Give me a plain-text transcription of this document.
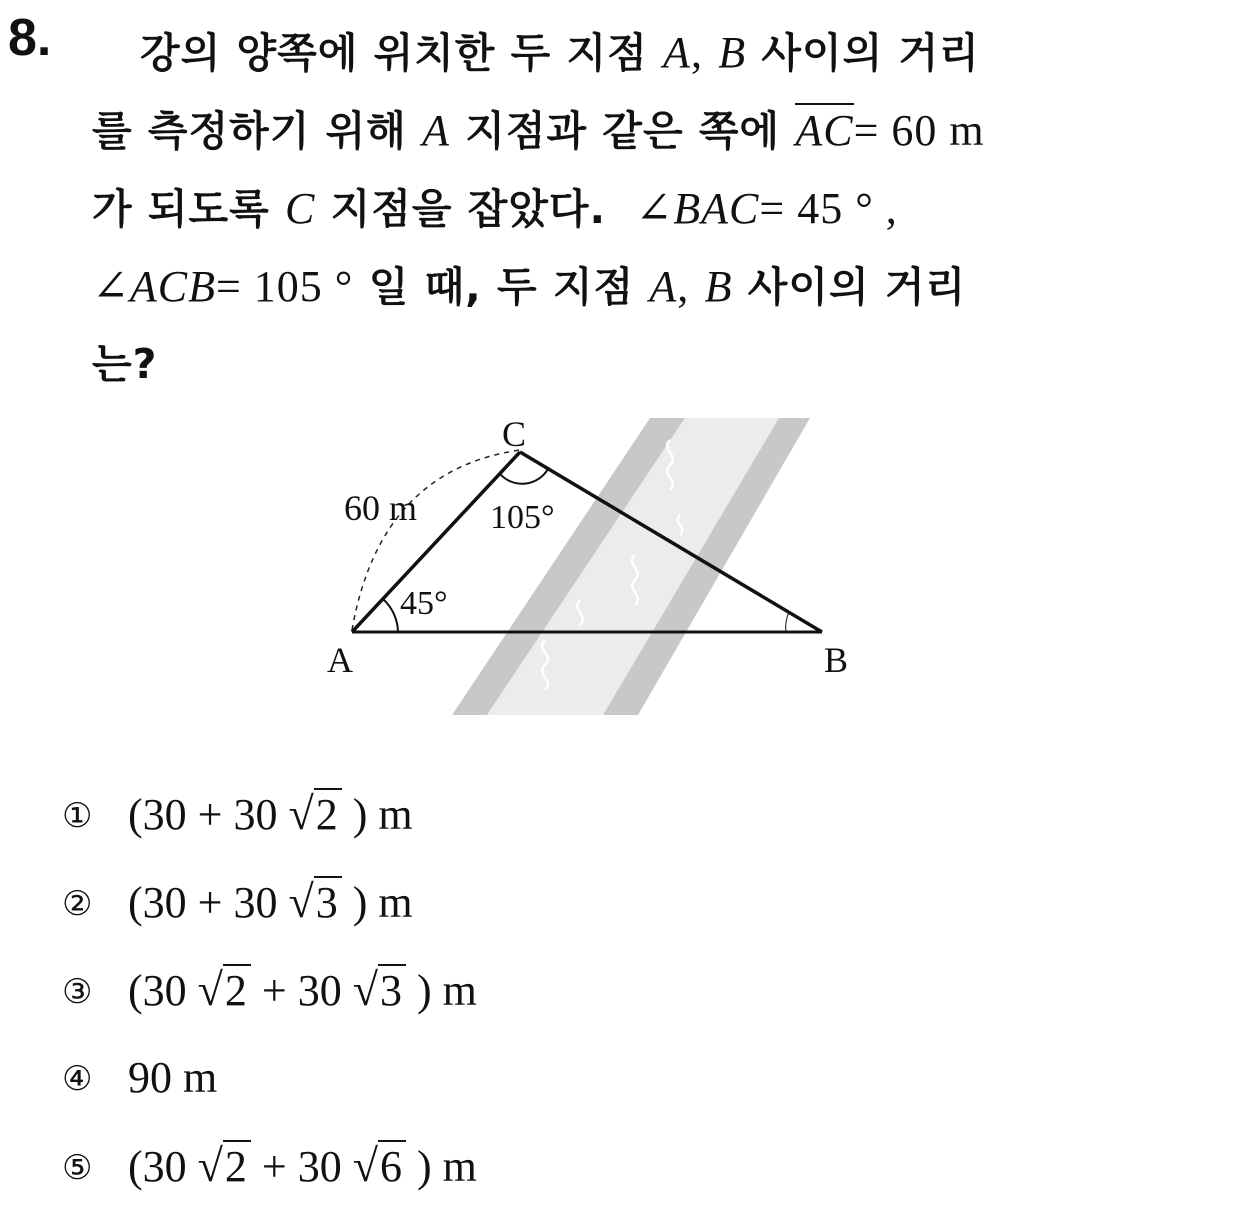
8.	강의 양쪽에 위치한 두 지점 A, B 사이의 거리
를 측정하기 위해 A 지점과 같은 쪽에 AC= 60 m
가 되도록 C 지점을 잡았다. ∠BAC= 45 ° ,
∠ACB= 105 ° 일 때, 두 지점 A, B 사이의 거리
는?
C
60 m 105°
45°
A	B
① (30 + 30 √2 ) m
② (30 + 30 √3 ) m
③ (30 √2 + 30 √3 ) m
④ 90 m
⑤ (30 √2 + 30 √6 ) m
